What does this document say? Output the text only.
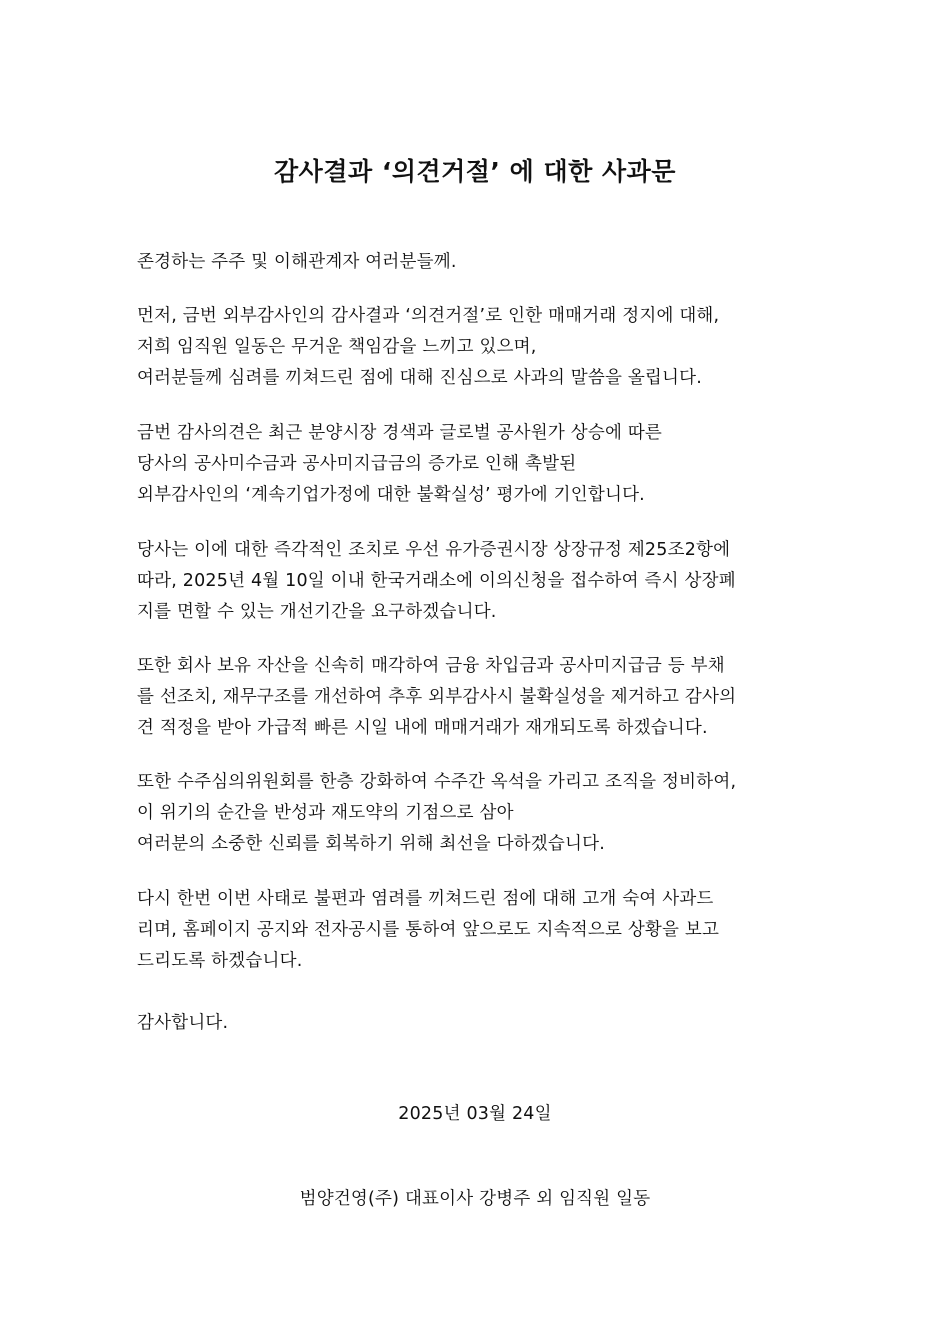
감사결과 ‘의견거절’ 에 대한 사과문
존경하는 주주 및 이해관계자 여러분들께.

먼저, 금번 외부감사인의 감사결과 ‘의견거절’로 인한 매매거래 정지에 대해,
저희 임직원 일동은 무거운 책임감을 느끼고 있으며,
여러분들께 심려를 끼쳐드린 점에 대해 진심으로 사과의 말씀을 올립니다.

금번 감사의견은 최근 분양시장 경색과 글로벌 공사원가 상승에 따른
당사의 공사미수금과 공사미지급금의 증가로 인해 촉발된
외부감사인의 ‘계속기업가정에 대한 불확실성’ 평가에 기인합니다.

당사는 이에 대한 즉각적인 조치로 우선 유가증권시장 상장규정 제25조2항에
따라, 2025년 4월 10일 이내 한국거래소에 이의신청을 접수하여 즉시 상장폐
지를 면할 수 있는 개선기간을 요구하겠습니다.

또한 회사 보유 자산을 신속히 매각하여 금융 차입금과 공사미지급금 등 부채
를 선조치, 재무구조를 개선하여 추후 외부감사시 불확실성을 제거하고 감사의
견 적정을 받아 가급적 빠른 시일 내에 매매거래가 재개되도록 하겠습니다.

또한 수주심의위원회를 한층 강화하여 수주간 옥석을 가리고 조직을 정비하여,
이 위기의 순간을 반성과 재도약의 기점으로 삼아
여러분의 소중한 신뢰를 회복하기 위해 최선을 다하겠습니다.

다시 한번 이번 사태로 불편과 염려를 끼쳐드린 점에 대해 고개 숙여 사과드
리며, 홈페이지 공지와 전자공시를 통하여 앞으로도 지속적으로 상황을 보고
드리도록 하겠습니다.

감사합니다.
2025년 03월 24일
범양건영(주) 대표이사 강병주 외 임직원 일동
